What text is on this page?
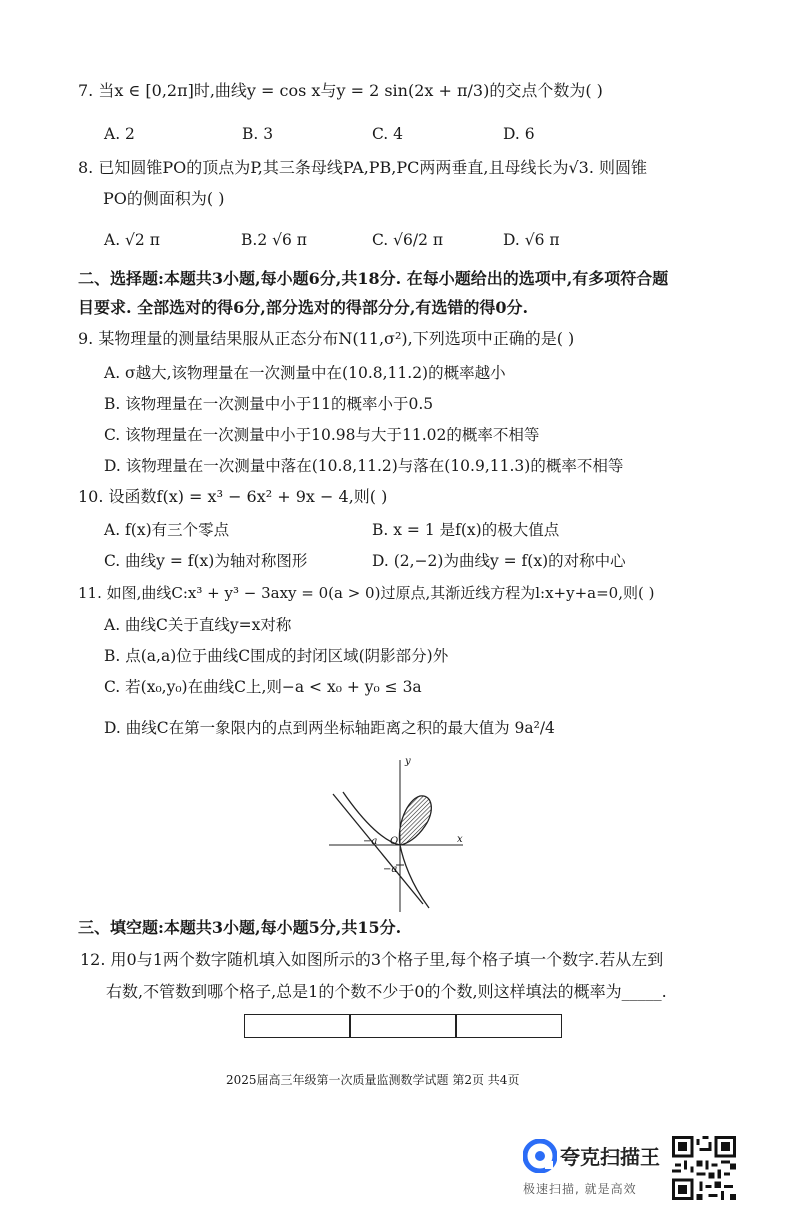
7. 当x ∈ [0,2π]时,曲线y = cos x与y = 2 sin(2x + π/3)的交点个数为( )
A. 2	B. 3	C. 4	D. 6
8. 已知圆锥PO的顶点为P,其三条母线PA,PB,PC两两垂直,且母线长为√3. 则圆锥
PO的侧面积为( )
A. √2 π	B.2 √6 π	C. √6/2 π	D. √6 π
二、选择题:本题共3小题,每小题6分,共18分. 在每小题给出的选项中,有多项符合题
目要求. 全部选对的得6分,部分选对的得部分分,有选错的得0分.
9. 某物理量的测量结果服从正态分布N(11,σ²),下列选项中正确的是( )
A. σ越大,该物理量在一次测量中在(10.8,11.2)的概率越小
B. 该物理量在一次测量中小于11的概率小于0.5
C. 该物理量在一次测量中小于10.98与大于11.02的概率不相等
D. 该物理量在一次测量中落在(10.8,11.2)与落在(10.9,11.3)的概率不相等
10. 设函数f(x) = x³ − 6x² + 9x − 4,则( )
A. f(x)有三个零点	B. x = 1 是f(x)的极大值点
C. 曲线y = f(x)为轴对称图形	D. (2,−2)为曲线y = f(x)的对称中心
11. 如图,曲线C:x³ + y³ − 3axy = 0(a > 0)过原点,其渐近线方程为l:x+y+a=0,则( )
A. 曲线C关于直线y=x对称
B. 点(a,a)位于曲线C围成的封闭区域(阴影部分)外
C. 若(x₀,y₀)在曲线C上,则−a < x₀ + y₀ ≤ 3a
D. 曲线C在第一象限内的点到两坐标轴距离之积的最大值为 9a²/4
y
x
O
−a
−a
三、填空题:本题共3小题,每小题5分,共15分.
12. 用0与1两个数字随机填入如图所示的3个格子里,每个格子填一个数字.若从左到
右数,不管数到哪个格子,总是1的个数不少于0的个数,则这样填法的概率为_____.
2025届高三年级第一次质量监测数学试题 第2页 共4页
夸克扫描王
极速扫描, 就是高效
